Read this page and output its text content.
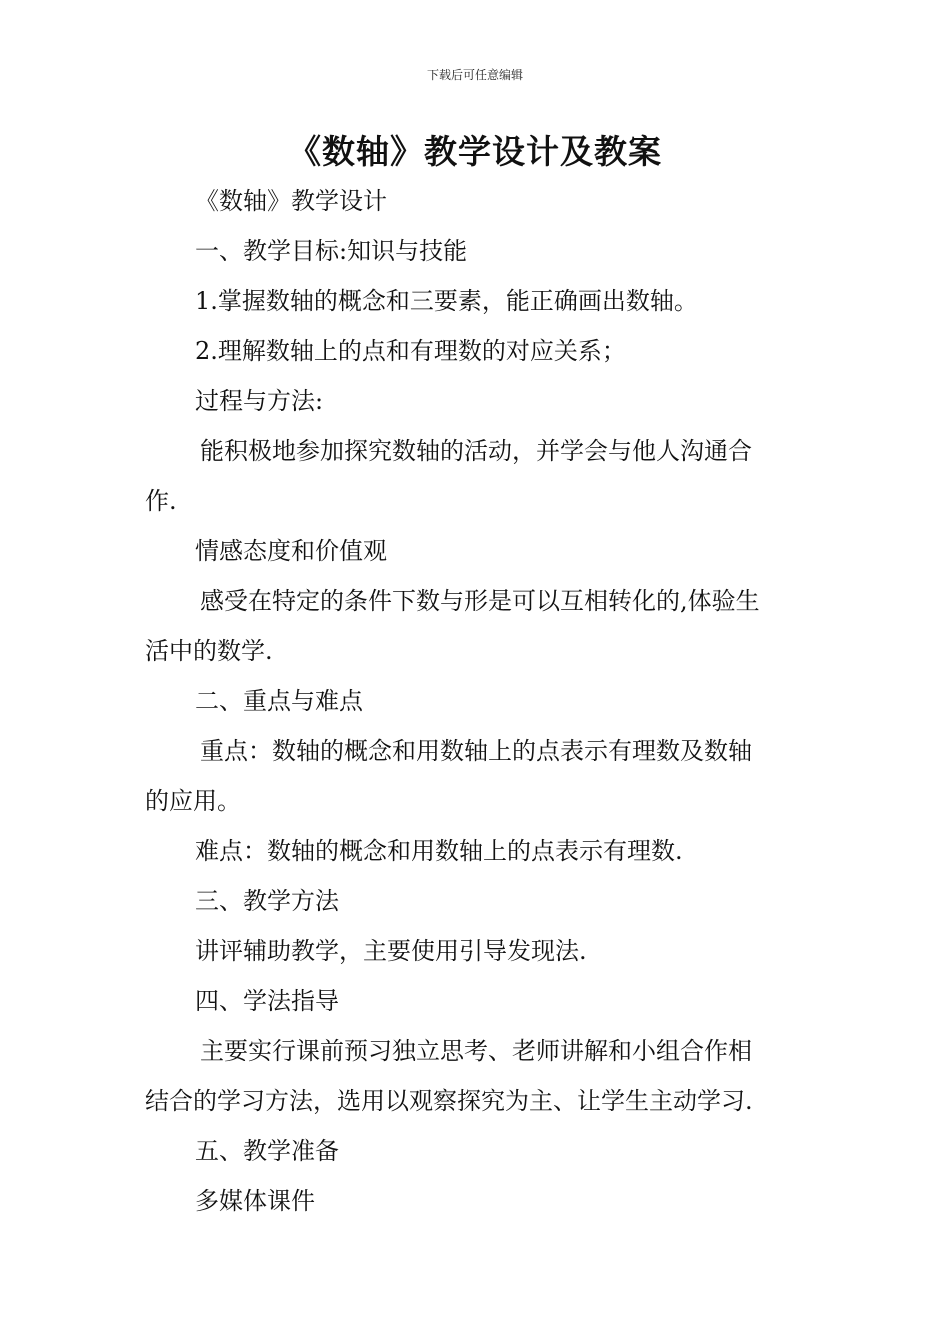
下载后可任意编辑
《数轴》教学设计及教案
《数轴》教学设计
一、教学目标:知识与技能
1.掌握数轴的概念和三要素，能正确画出数轴。
2.理解数轴上的点和有理数的对应关系；
过程与方法:
能积极地参加探究数轴的活动，并学会与他人沟通合
作.
情感态度和价值观
感受在特定的条件下数与形是可以互相转化的,体验生
活中的数学.
二、重点与难点
重点：数轴的概念和用数轴上的点表示有理数及数轴
的应用。
难点：数轴的概念和用数轴上的点表示有理数.
三、教学方法
讲评辅助教学，主要使用引导发现法.
四、学法指导
主要实行课前预习独立思考、老师讲解和小组合作相
结合的学习方法，选用以观察探究为主、让学生主动学习.
五、教学准备
多媒体课件
